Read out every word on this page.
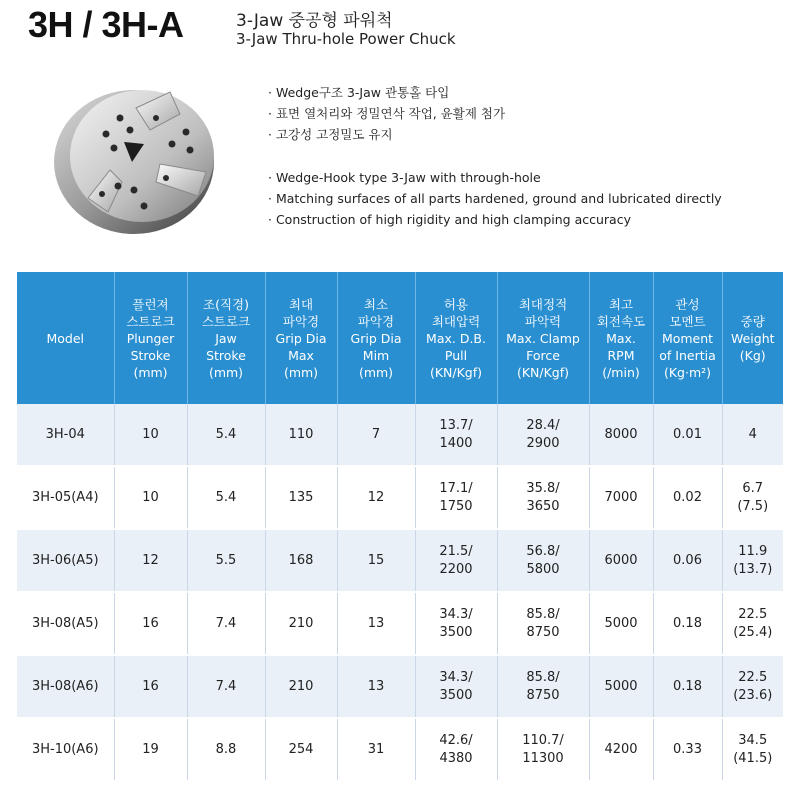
3H / 3H-A	3-Jaw 중공형 파워척
3-Jaw Thru-hole Power Chuck
· Wedge구조 3-Jaw 관통홀 타입
· 표면 열처리와 정밀연삭 작업, 윤활제 첨가
· 고강성 고정밀도 유지
· Wedge-Hook type 3-Jaw with through-hole
· Matching surfaces of all parts hardened, ground and lubricated directly
· Construction of high rigidity and high clamping accuracy
Model	플런져
스트로크
Plunger
Stroke
(mm)	조(직경)
스트로크
Jaw
Stroke
(mm)	최대
파악경
Grip Dia
Max
(mm)	최소
파악경
Grip Dia
Mim
(mm)	허용
최대압력
Max. D.B.
Pull
(KN/Kgf)	최대정적
파악력
Max. Clamp
Force
(KN/Kgf)	최고
회전속도
Max.
RPM
(/min)	관성
모멘트
Moment
of Inertia
(Kg·m²)	중량
Weight
(Kg)
3H-04	10	5.4	110	7	13.7/
1400	28.4/
2900	8000	0.01	4
3H-05(A4)	10	5.4	135	12	17.1/
1750	35.8/
3650	7000	0.02	6.7
(7.5)
3H-06(A5)	12	5.5	168	15	21.5/
2200	56.8/
5800	6000	0.06	11.9
(13.7)
3H-08(A5)	16	7.4	210	13	34.3/
3500	85.8/
8750	5000	0.18	22.5
(25.4)
3H-08(A6)	16	7.4	210	13	34.3/
3500	85.8/
8750	5000	0.18	22.5
(23.6)
3H-10(A6)	19	8.8	254	31	42.6/
4380	110.7/
11300	4200	0.33	34.5
(41.5)
